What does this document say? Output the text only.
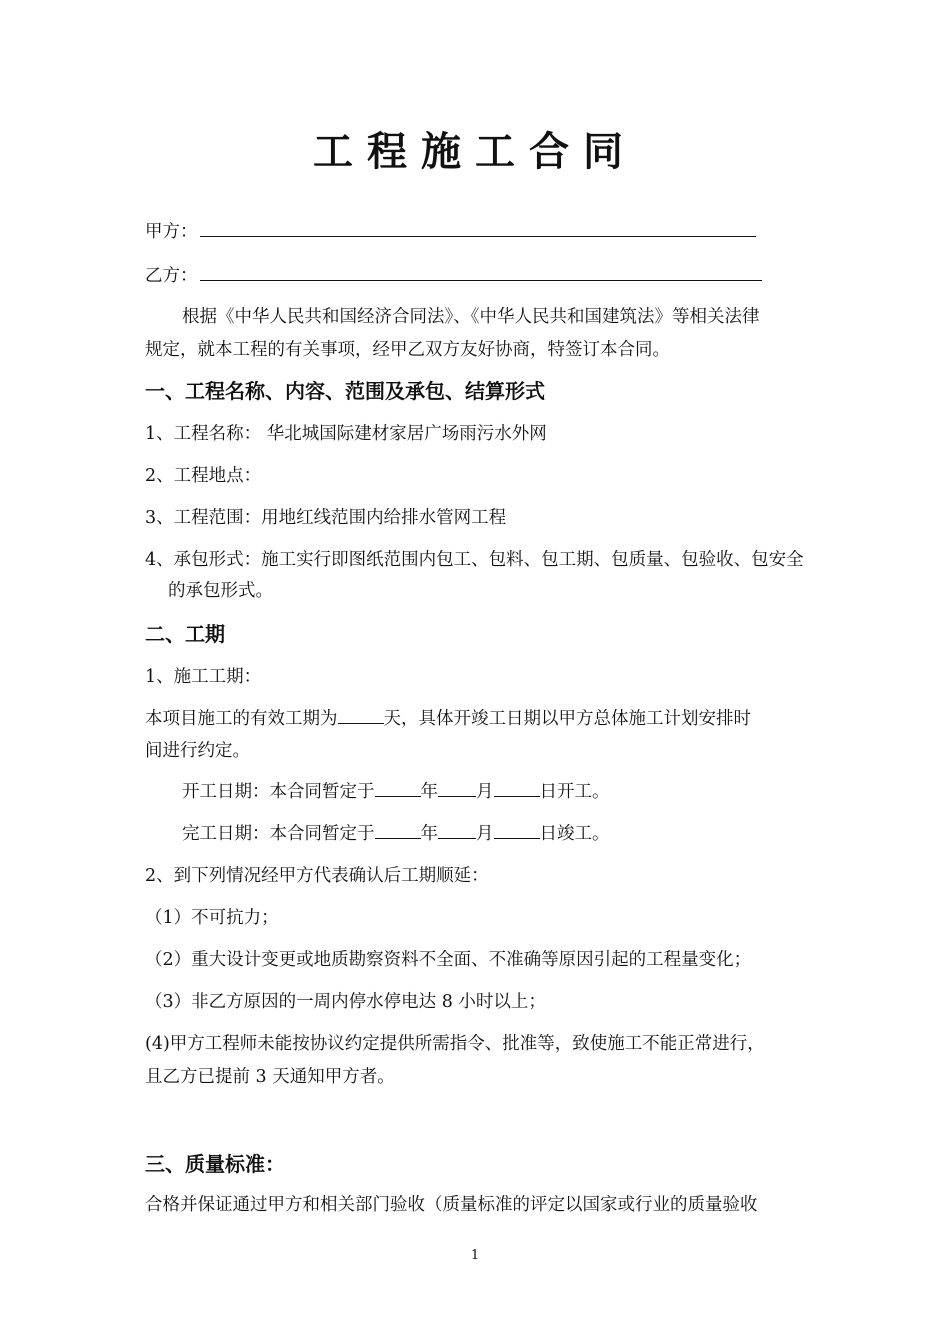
工程施工合同
甲方：
乙方：
根据《中华人民共和国经济合同法》、《中华人民共和国建筑法》等相关法律
规定，就本工程的有关事项，经甲乙双方友好协商，特签订本合同。
一、工程名称、内容、范围及承包、结算形式
1、工程名称： 华北城国际建材家居广场雨污水外网
2、工程地点：
3、工程范围：用地红线范围内给排水管网工程
4、承包形式：施工实行即图纸范围内包工、包料、包工期、包质量、包验收、包安全
的承包形式。
二、工期
1、施工工期：
本项目施工的有效工期为	天，具体开竣工日期以甲方总体施工计划安排时
间进行约定。
开工日期：本合同暂定于	年 月	日开工。
完工日期：本合同暂定于	年 月	日竣工。
2、到下列情况经甲方代表确认后工期顺延：
（1）不可抗力；
（2）重大设计变更或地质勘察资料不全面、不准确等原因引起的工程量变化；
（3）非乙方原因的一周内停水停电达 8 小时以上；
(4)甲方工程师未能按协议约定提供所需指令、批准等，致使施工不能正常进行，
且乙方已提前 3 天通知甲方者。
三、质量标准：
合格并保证通过甲方和相关部门验收（质量标准的评定以国家或行业的质量验收
1
